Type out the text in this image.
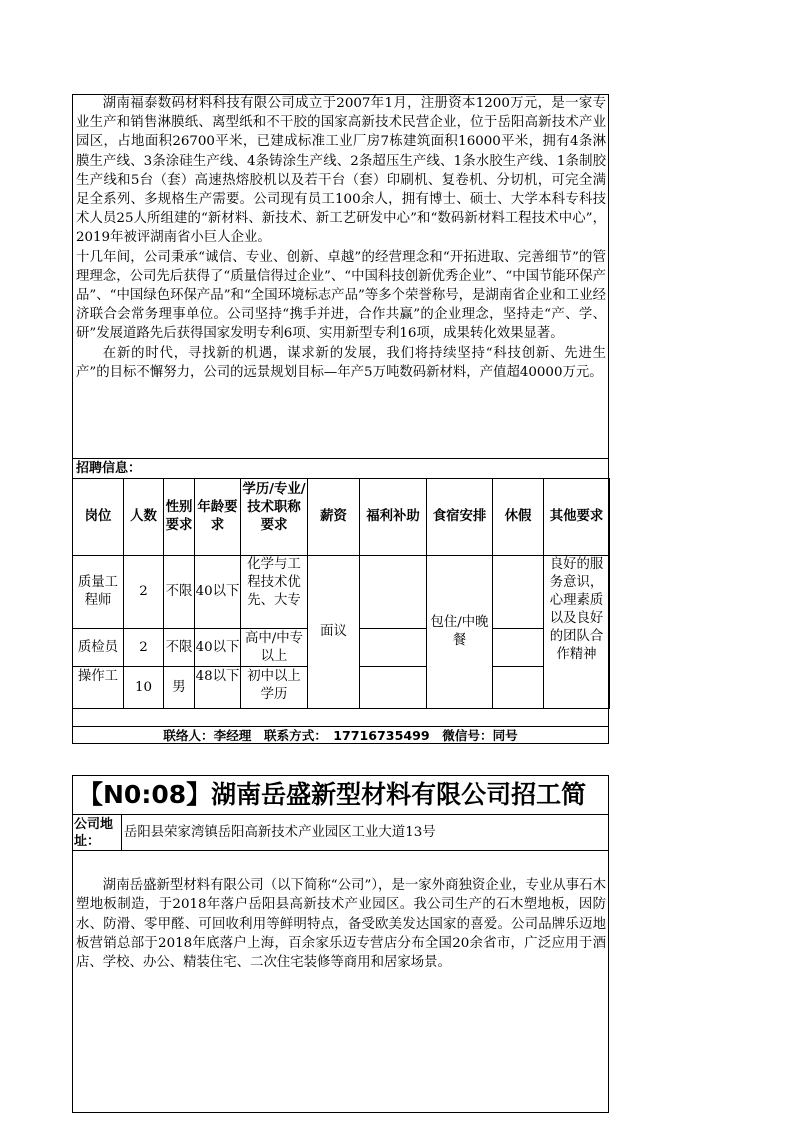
湖南福泰数码材料科技有限公司成立于2007年1月，注册资本1200万元，是一家专业生产和销售淋膜纸、离型纸和不干胶的国家高新技术民营企业，位于岳阳高新技术产业园区，占地面积26700平米，已建成标准工业厂房7栋建筑面积16000平米，拥有4条淋膜生产线、3条涂硅生产线、4条铸涂生产线、2条超压生产线、1条水胶生产线、1条制胶生产线和5台（套）高速热熔胶机以及若干台（套）印刷机、复卷机、分切机，可完全满足全系列、多规格生产需要。公司现有员工100余人，拥有博士、硕士、大学本科专科技术人员25人所组建的“新材料、新技术、新工艺研发中心”和“数码新材料工程技术中心”，2019年被评湖南省小巨人企业。

十几年间，公司秉承“诚信、专业、创新、卓越”的经营理念和“开拓进取、完善细节”的管理理念，公司先后获得了“质量信得过企业”、“中国科技创新优秀企业”、“中国节能环保产品”、“中国绿色环保产品”和“全国环境标志产品”等多个荣誉称号，是湖南省企业和工业经济联合会常务理事单位。公司坚持“携手并进，合作共赢”的企业理念，坚持走“产、学、研”发展道路先后获得国家发明专利6项、实用新型专利16项，成果转化效果显著。

在新的时代，寻找新的机遇，谋求新的发展，我们将持续坚持“科技创新、先进生产”的目标不懈努力，公司的远景规划目标—年产5万吨数码新材料，产值超40000万元。

招聘信息：
岗位	人数	性别要求	年龄要求	学历/专业/技术职称要求	薪资	福利补助	食宿安排	休假	其他要求
质量工程师	2	不限	40以下	化学与工程技术优先、大专	面议		包住/中晚餐		良好的服务意识，心理素质以及良好的团队合作精神

质检员	2	不限	40以下	高中/中专以上					

操作工	10	男	48以下	初中以上学历					

联络人：李经理　联系方式：　17716735499　微信号：同号
【N0:08】湖南岳盛新型材料有限公司招工简
公司地址：
岳阳县荣家湾镇岳阳高新技术产业园区工业大道13号

湖南岳盛新型材料有限公司（以下简称“公司”），是一家外商独资企业，专业从事石木塑地板制造，于2018年落户岳阳县高新技术产业园区。我公司生产的石木塑地板，因防水、防滑、零甲醛、可回收利用等鲜明特点，备受欧美发达国家的喜爱。公司品牌乐迈地板营销总部于2018年底落户上海，百余家乐迈专营店分布全国20余省市，广泛应用于酒店、学校、办公、精装住宅、二次住宅装修等商用和居家场景。
